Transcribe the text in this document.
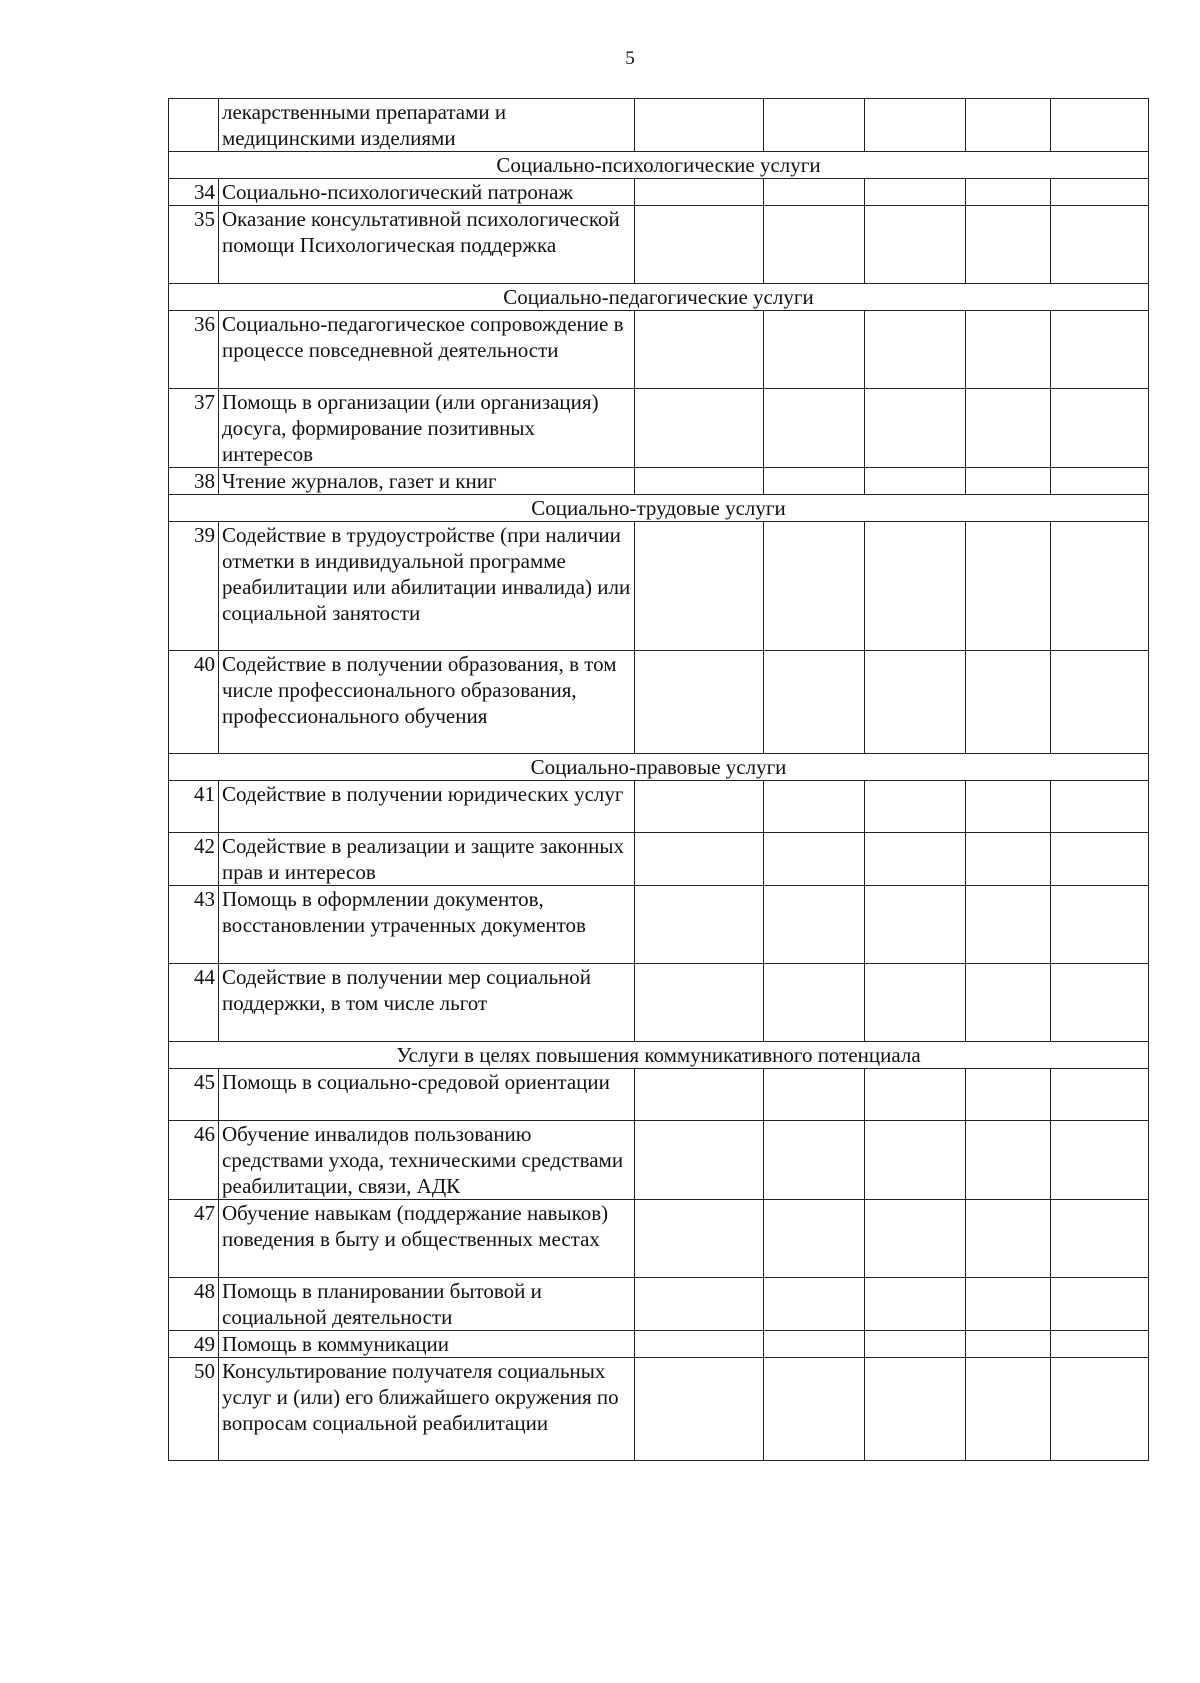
5
	лекарственными препаратами и медицинскими изделиями					
Социально-психологические услуги						
34	Социально-психологический патронаж					
35	Оказание консультативной психологической помощи Психологическая поддержка					
Социально-педагогические услуги						
36	Социально-педагогическое сопровождение в процессе повседневной деятельности					
37	Помощь в организации (или организация) досуга, формирование позитивных интересов					
38	Чтение журналов, газет и книг					
Социально-трудовые услуги						
39	Содействие в трудоустройстве (при наличии отметки в индивидуальной программе реабилитации или абилитации инвалида) или социальной занятости					
40	Содействие в получении образования, в том числе профессионального образования, профессионального обучения					
Социально-правовые услуги						
41	Содействие в получении юридических услуг					
42	Содействие в реализации и защите законных прав и интересов					
43	Помощь в оформлении документов, восстановлении утраченных документов					
44	Содействие в получении мер социальной поддержки, в том числе льгот					
Услуги в целях повышения коммуникативного потенциала						
45	Помощь в социально-средовой ориентации					
46	Обучение инвалидов пользованию средствами ухода, техническими средствами реабилитации, связи, АДК					
47	Обучение навыкам (поддержание навыков) поведения в быту и общественных местах					
48	Помощь в планировании бытовой и социальной деятельности					
49	Помощь в коммуникации					
50	Консультирование получателя социальных услуг и (или) его ближайшего окружения по вопросам социальной реабилитации					
